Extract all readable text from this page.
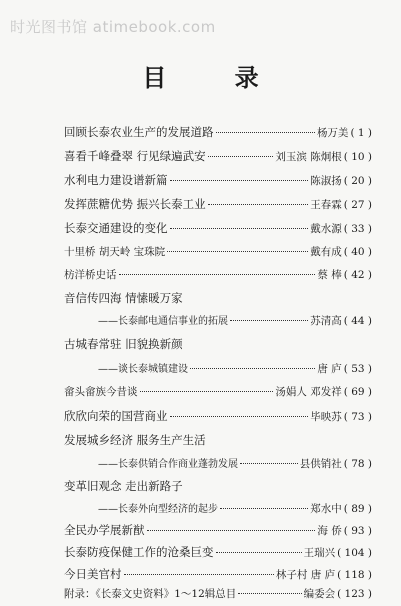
时光图书馆 atimebook.com
目 录
回顾长泰农业生产的发展道路	杨万美 ( 1 )
喜看千峰叠翠 行见绿遍武安	刘玉滨 陈炯根 ( 10 )
水利电力建设谱新篇	陈淑扬 ( 20 )
发挥蔗糖优势 振兴长泰工业	王春霖 ( 27 )
长泰交通建设的变化	戴水源 ( 33 )
十里桥 胡天岭 宝珠院	戴有成 ( 40 )
枋洋桥史话	蔡 棒 ( 42 )
音信传四海 情愫暖万家
——长泰邮电通信事业的拓展	苏清高 ( 44 )
古城春常驻 旧貌换新颜
——谈长泰城镇建设	唐 庐 ( 53 )
畲头畲族今昔谈	汤娟人 邓发祥 ( 69 )
欣欣向荣的国营商业	毕映苏 ( 73 )
发展城乡经济 服务生产生活
——长泰供销合作商业蓬勃发展	县供销社 ( 78 )
变革旧观念 走出新路子
——长泰外向型经济的起步	郑水中 ( 89 )
全民办学展新猷	海 侨 ( 93 )
长泰防疫保健工作的沧桑巨变	王瑞兴 ( 104 )
今日美官村	林子村 唐 庐 ( 118 )
附录：《长泰文史资料》1～12辑总目	编委会 ( 123 )
